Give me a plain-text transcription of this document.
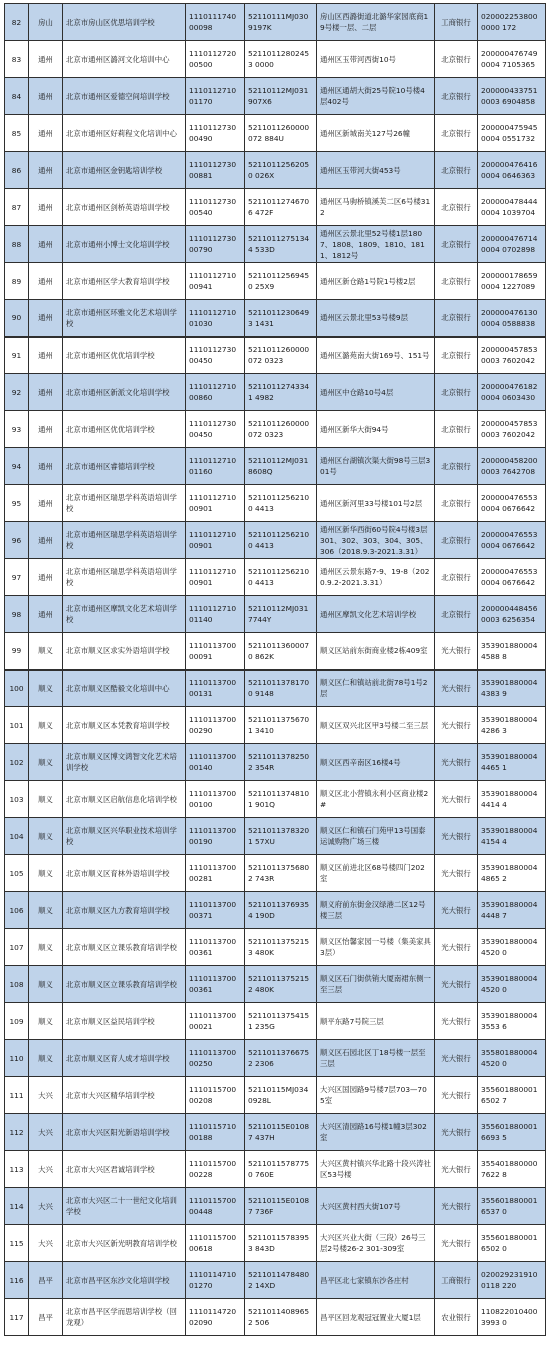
82	房山	北京市房山区优思培训学校	1110111740 00098	52110111MJ030 9197K	房山区西潞街道北潞华家园底商19号楼一层、二层	工商银行	0200022538000000 172
83	通州	北京市通州区潞河文化培训中心	1110112720 00500	52110112802453 0000	通州区玉带河西街10号	北京银行	2000004767490004 7105365
84	通州	北京市通州区爱德空间培训学校	1110112710 01170	52110112MJ031 907X6	通州区通胡大街25号院10号楼4层402号	北京银行	2000004337510003 6904858
85	通州	北京市通州区好莉程文化培训中心	1110112730 00490	5211011260000072 884U	通州区新城南关127号26幢	北京银行	2000004759450004 0551732
86	通州	北京市通州区金钥匙培训学校	1110112730 00881	52110112562050 026X	通州区玉带河大街453号	北京银行	2000004764160004 0646363
87	通州	北京市通州区剑桥英语培训学校	1110112730 00540	52110112746706 472F	通州区马驹桥镇溪芙二区6号楼312	北京银行	2000004784440004 1039704
88	通州	北京市通州小博士文化培训学校	1110112730 00790	52110112751344 533D	通州区云景北里52号楼1层1807、1808、1809、1810、1811、1812号	北京银行	2000004767140004 0702898
89	通州	北京市通州区学大教育培训学校	1110112710 00941	52110112569450 25X9	通州区新仓路1号院1号楼2层	北京银行	2000001786590004 1227089
90	通州	北京市通州区环雅文化艺术培训学校	1110112710 01030	52110112306493 1431	通州区云景北里53号楼9层	北京银行	2000004761300004 0588838
91	通州	北京市通州区优优培训学校	1110112730 00450	5211011260000072 0323	通州区潞苑南大街169号、151号	北京银行	2000004578530003 7602042
92	通州	北京市通州区新派文化培训学校	1110112710 00860	52110112743341 4982	通州区中仓路10号4层	北京银行	2000004761820004 0603430
93	通州	北京市通州区优优培训学校	1110112730 00450	5211011260000072 0323	通州区新华大街94号	北京银行	2000004578530003 7602042
94	通州	北京市通州区睿德培训学校	1110112710 01160	52110112MJ031 8608Q	通州区台湖镇次渠大街98号三层301号	北京银行	2000004582000003 7642708
95	通州	北京市通州区瑞思学科英语培训学校	1110112710 00901	52110112562100 4413	通州区新河里33号楼101号2层	北京银行	2000004765530004 0676642
96	通州	北京市通州区瑞思学科英语培训学校	1110112710 00901	52110112562100 4413	通州区新华西街60号院4号楼3层301、302、303、304、305、306（2018.9.3-2021.3.31）	北京银行	2000004765530004 0676642
97	通州	北京市通州区瑞思学科英语培训学校	1110112710 00901	52110112562100 4413	通州区云景东路7-9、19-8（2020.9.2-2021.3.31）	北京银行	2000004765530004 0676642
98	通州	北京市通州区摩凯文化艺术培训学校	1110112710 01140	52110112MJ031 7744Y	通州区摩凯文化艺术培训学校	北京银行	2000004484560003 6256354
99	顺义	北京市顺义区求实外语培训学校	1110113700 00091	52110113600070 862K	顺义区站前东街商业楼2栋409室	光大银行	3539018800044588 8
100	顺义	北京市顺义区酷毅文化培训中心	1110113700 00131	52110113781700 9148	顺义区仁和镇站前北街78号1号2层	光大银行	3539018800044383 9
101	顺义	北京市顺义区本凭教育培训学校	1110113700 00290	52110113756701 3410	顺义区双兴北区甲3号楼二至三层	光大银行	3539018800044286 3
102	顺义	北京市顺义区博文鸿智文化艺术培训学校	1110113700 00140	52110113782502 354R	顺义区西辛南区16楼4号	光大银行	3539018800044465 1
103	顺义	北京市顺义区启航信息化培训学校	1110113700 00100	52110113748101 901Q	顺义区北小营镇永利小区商业楼2#	光大银行	3539018800044414 4
104	顺义	北京市顺义区兴华职业技术培训学校	1110113700 00190	52110113783201 57XU	顺义区仁和镇石门苑甲13号国泰运诚购物广场三楼	光大银行	3539018800044154 4
105	顺义	北京市顺义区育林外语培训学校	1110113700 00281	52110113756802 743R	顺义区前进北区68号楼四门202室	光大银行	3539018800044865 2
106	顺义	北京市顺义区九方教育培训学校	1110113700 00371	52110113769354 190D	顺义府前东街金汉绿港二区12号楼三层	光大银行	3539018800044448 7
107	顺义	北京市顺义区立课乐教育培训学校	1110113700 00361	52110113752153 480K	顺义区怡馨家园一号楼（集美家具3层）	光大银行	3539018800044520 0
108	顺义	北京市顺义区立课乐教育培训学校	1110113700 00361	52110113752152 480K	顺义区石门街供销大厦南裙东侧一至三层	光大银行	3539018800044520 0
109	顺义	北京市顺义区益民培训学校	1110113700 00021	52110113754151 235G	顺平东路7号院三层	光大银行	3539018800043553 6
110	顺义	北京市顺义区育人成才培训学校	1110113700 00250	52110113766752 2306	顺义区石园北区丁18号楼一层至三层	光大银行	3558018800044520 0
111	大兴	北京市大兴区精华培训学校	1110115700 00208	52110115MJ034 0928L	大兴区国园路9号楼7层703—705室	光大银行	3556018800016502 7
112	大兴	北京市大兴区阳光新语培训学校	1110115710 00188	52110115E01087 437H	大兴区清园路16号楼1幢3层302室	光大银行	3556018800016693 5
113	大兴	北京市大兴区君诚培训学校	1110115700 00228	52110115787750 760E	大兴区黄村镇兴华北路十段兴涛社区53号楼	光大银行	3554018800007622 8
114	大兴	北京市大兴区二十一世纪文化培训学校	1110115700 00448	52110115E01087 736F	大兴区黄村西大街107号	光大银行	3556018800016537 0
115	大兴	北京市大兴区新光明教育培训学校	1110115700 00618	52110115783953 843D	大兴区兴业大街（三段）26号三层2号楼26-2 301-309室	光大银行	3556018800016502 0
116	昌平	北京市昌平区东沙文化培训学校	1110114710 01270	52110114784802 14XD	昌平区北七家镇东沙各庄村	工商银行	0200292319100118 220
117	昌平	北京市昌平区学而思培训学校（回龙观）	1110114720 02090	52110114089652 506	昌平区回龙观冠冠置业大厦1层	农业银行	1108220104003993 0
